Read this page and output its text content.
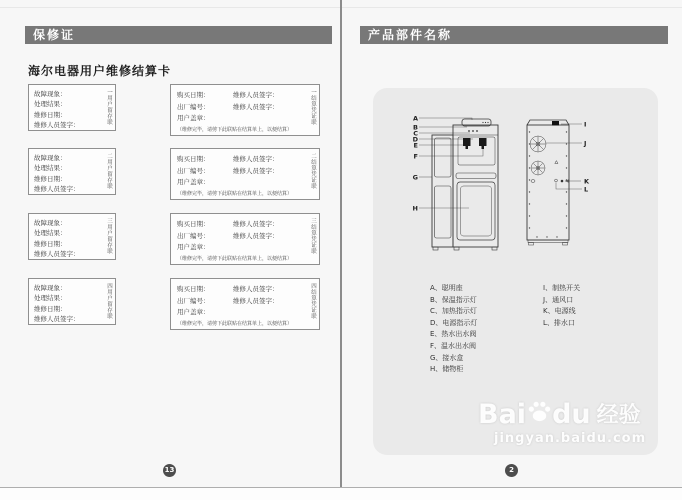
保修证
海尔电器用户维修结算卡
故障现象：
处理结果：
维修日期：
维修人员签字：	一用户留存联
故障现象：
处理结果：
维修日期：
维修人员签字：	二用户留存联
故障现象：
处理结果：
维修日期：
维修人员签字：	三用户留存联
故障现象：
处理结果：
维修日期：
维修人员签字：	四用户留存联
购买日期：	维修人员签字：
出厂编号：	维修人员签字：
用户盖章：
（维修完毕，请剪下此联贴在结算单上，以便结算）
一结算凭证联
购买日期：	维修人员签字：
出厂编号：	维修人员签字：
用户盖章：
（维修完毕，请剪下此联贴在结算单上，以便结算）
二结算凭证联
购买日期：	维修人员签字：
出厂编号：	维修人员签字：
用户盖章：
（维修完毕，请剪下此联贴在结算单上，以便结算）
三结算凭证联
购买日期：	维修人员签字：
出厂编号：	维修人员签字：
用户盖章：
（维修完毕，请剪下此联贴在结算单上，以便结算）
四结算凭证联
13
产品部件名称
A
B
C
D
E
F
G
H
I
J
K
L
A、聪明座
B、保温指示灯
C、加热指示灯
D、电源指示灯
E、热水出水阀
F、温水出水阀
G、接水盒
H、储物柜
I、制热开关
J、通风口
K、电源线
L、排水口
Bai du 经验
jingyan.baidu.com
2
